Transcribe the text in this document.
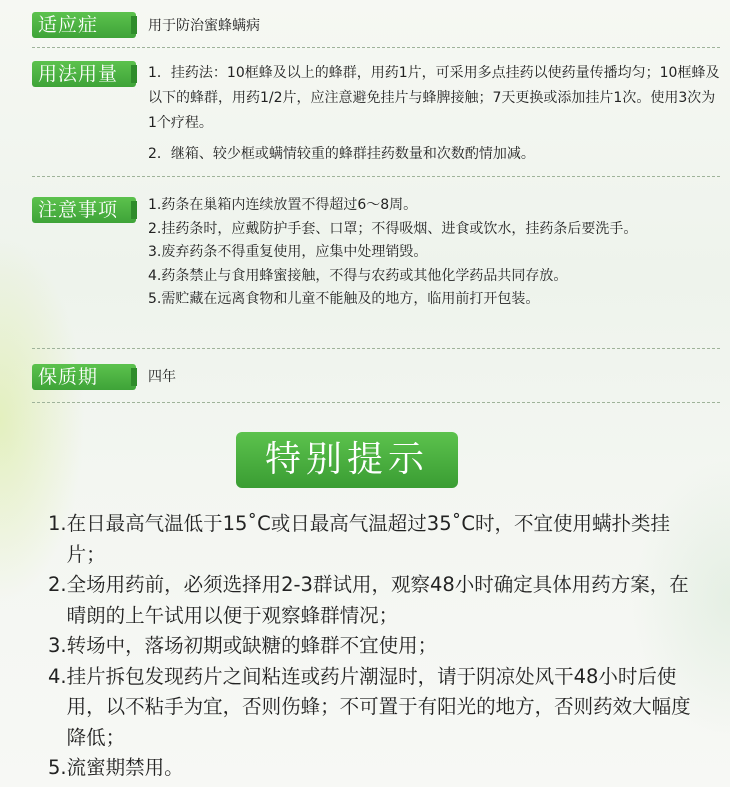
适应症	用于防治蜜蜂螨病
用法用量	1．挂药法：10框蜂及以上的蜂群，用药1片，可采用多点挂药以使药量传播均匀；10框蜂及以下的蜂群，用药1/2片，应注意避免挂片与蜂脾接触；7天更换或添加挂片1次。使用3次为1个疗程。

2．继箱、较少框或螨情较重的蜂群挂药数量和次数酌情加减。

注意事项	1.药条在巢箱内连续放置不得超过6～8周。

2.挂药条时，应戴防护手套、口罩；不得吸烟、进食或饮水，挂药条后要洗手。

3.废弃药条不得重复使用，应集中处理销毁。

4.药条禁止与食用蜂蜜接触，不得与农药或其他化学药品共同存放。

5.需贮藏在远离食物和儿童不能触及的地方，临用前打开包装。

保质期	四年
特别提示
1. 在日最高气温低于15˚C或日最高气温超过35˚C时，不宜使用螨扑类挂片；
2. 全场用药前，必须选择用2-3群试用，观察48小时确定具体用药方案，在晴朗的上午试用以便于观察蜂群情况；
3. 转场中，落场初期或缺糖的蜂群不宜使用；
4. 挂片拆包发现药片之间粘连或药片潮湿时，请于阴凉处风干48小时后使用，以不粘手为宜，否则伤蜂；不可置于有阳光的地方，否则药效大幅度降低；
5. 流蜜期禁用。
